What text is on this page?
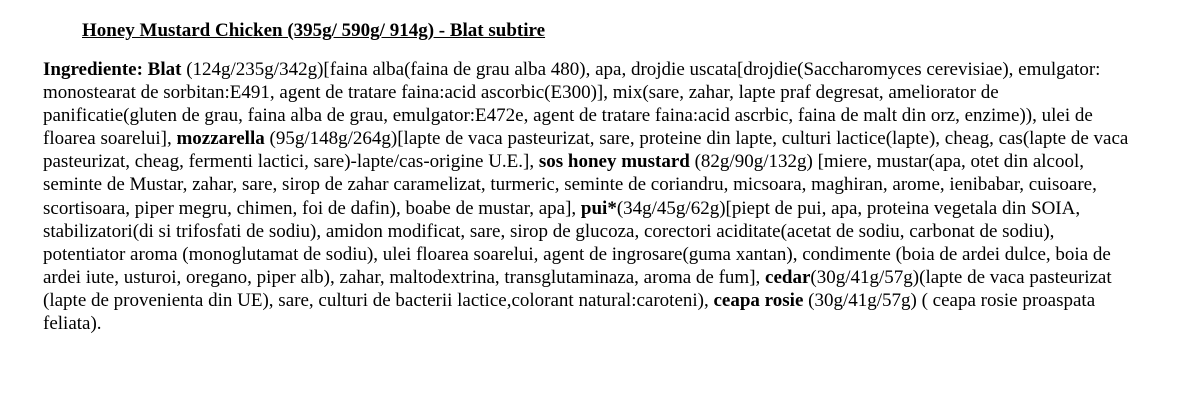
Honey Mustard Chicken (395g/ 590g/ 914g) - Blat subtire

Ingrediente: Blat (124g/235g/342g)[faina alba(faina de grau alba 480), apa, drojdie uscata[drojdie(Saccharomyces cerevisiae), emulgator: monostearat de sorbitan:E491, agent de tratare faina:acid ascorbic(E300)], mix(sare, zahar, lapte praf degresat, ameliorator de panificatie(gluten de grau, faina alba de grau, emulgator:E472e, agent de tratare faina:acid ascrbic, faina de malt din orz, enzime)), ulei de floarea soarelui], mozzarella (95g/148g/264g)[lapte de vaca pasteurizat, sare, proteine din lapte, culturi lactice(lapte), cheag, cas(lapte de vaca pasteurizat, cheag, fermenti lactici, sare)-lapte/cas-origine U.E.], sos honey mustard (82g/90g/132g) [miere, mustar(apa, otet din alcool, seminte de Mustar, zahar, sare, sirop de zahar caramelizat, turmeric, seminte de coriandru, micsoara, maghiran, arome, ienibabar, cuisoare, scortisoara, piper megru, chimen, foi de dafin), boabe de mustar, apa], pui*(34g/45g/62g)[piept de pui, apa, proteina vegetala din SOIA, stabilizatori(di si trifosfati de sodiu), amidon modificat, sare, sirop de glucoza, corectori aciditate(acetat de sodiu, carbonat de sodiu), potentiator aroma (monoglutamat de sodiu), ulei floarea soarelui, agent de ingrosare(guma xantan), condimente (boia de ardei dulce, boia de ardei iute, usturoi, oregano, piper alb), zahar, maltodextrina, transglutaminaza, aroma de fum], cedar(30g/41g/57g)(lapte de vaca pasteurizat (lapte de provenienta din UE), sare, culturi de bacterii lactice,colorant natural:caroteni), ceapa rosie (30g/41g/57g) ( ceapa rosie proaspata feliata).
